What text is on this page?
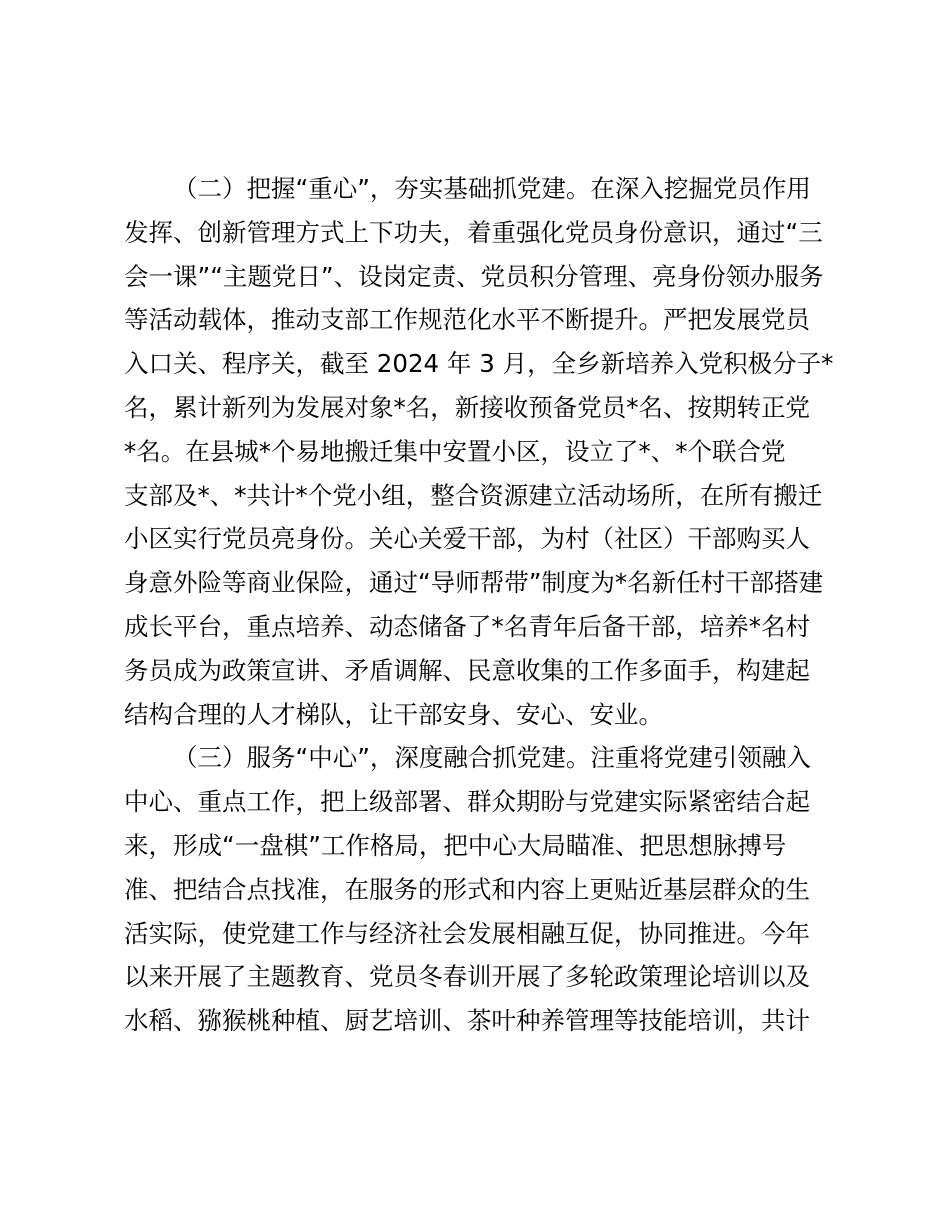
（二）把握“重心”，夯实基础抓党建。在深入挖掘党员作用
发挥、创新管理方式上下功夫，着重强化党员身份意识，通过“三
会一课”“主题党日”、设岗定责、党员积分管理、亮身份领办服务
等活动载体，推动支部工作规范化水平不断提升。严把发展党员
入口关、程序关，截至 2024 年 3 月，全乡新培养入党积极分子*
名，累计新列为发展对象*名，新接收预备党员*名、按期转正党
*名。在县城*个易地搬迁集中安置小区，设立了*、*个联合党
支部及*、*共计*个党小组，整合资源建立活动场所，在所有搬迁
小区实行党员亮身份。关心关爱干部，为村（社区）干部购买人
身意外险等商业保险，通过“导师帮带”制度为*名新任村干部搭建
成长平台，重点培养、动态储备了*名青年后备干部，培养*名村
务员成为政策宣讲、矛盾调解、民意收集的工作多面手，构建起
结构合理的人才梯队，让干部安身、安心、安业。
（三）服务“中心”，深度融合抓党建。注重将党建引领融入
中心、重点工作，把上级部署、群众期盼与党建实际紧密结合起
来，形成“一盘棋”工作格局，把中心大局瞄准、把思想脉搏号
准、把结合点找准，在服务的形式和内容上更贴近基层群众的生
活实际，使党建工作与经济社会发展相融互促，协同推进。今年
以来开展了主题教育、党员冬春训开展了多轮政策理论培训以及
水稻、猕猴桃种植、厨艺培训、茶叶种养管理等技能培训，共计
